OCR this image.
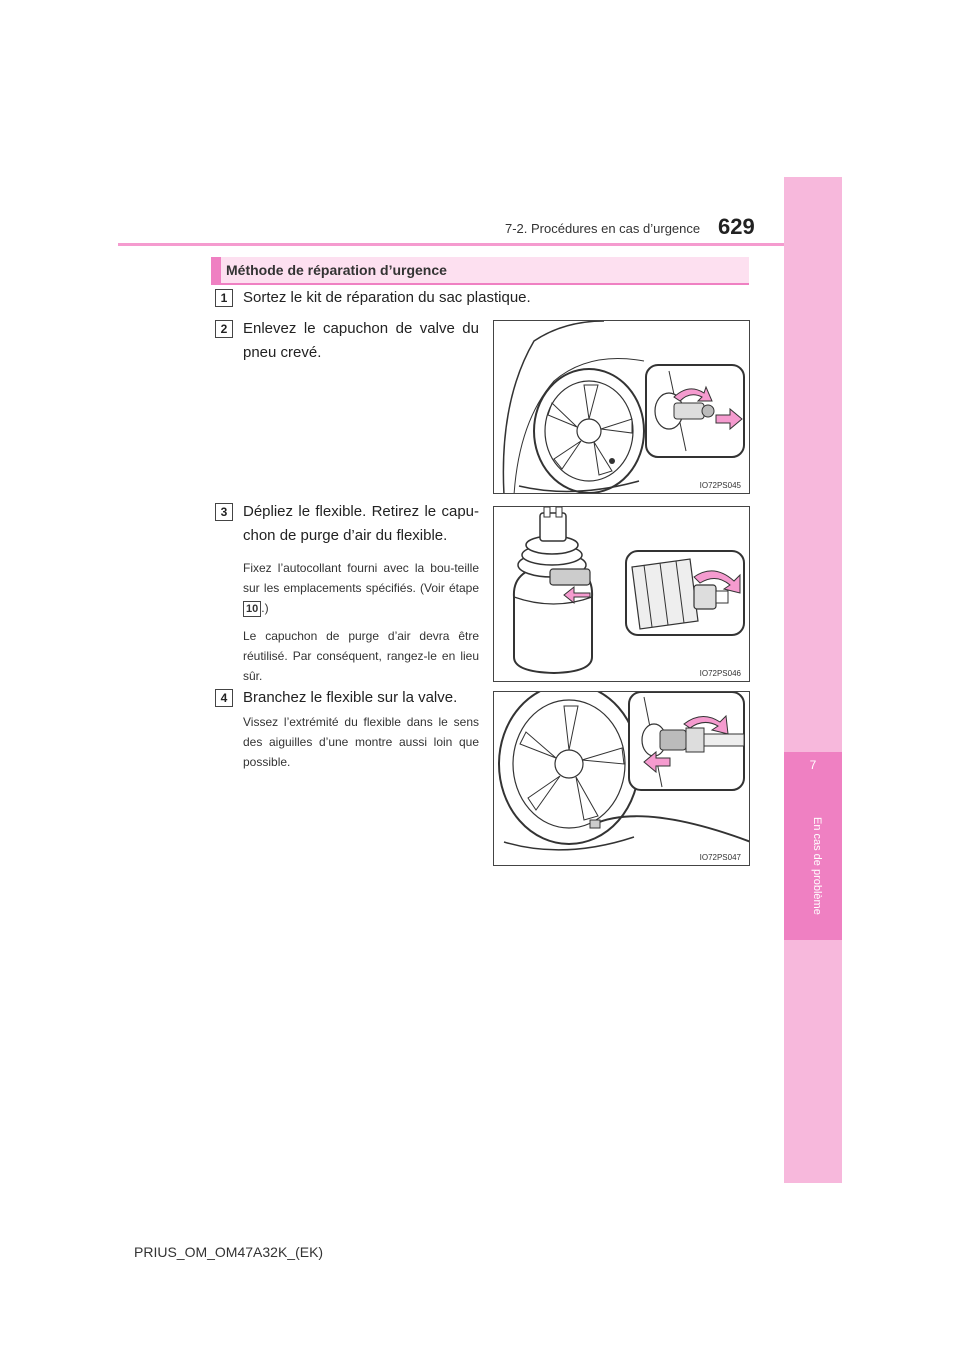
7-2. Procédures en cas d’urgence 629
7
En cas de problème
Méthode de réparation d’urgence
1	Sortez le kit de réparation du sac plastique.
2	Enlevez le capuchon de valve du pneu crevé.
IO72PS045
3	Dépliez le flexible. Retirez le capu-chon de purge d’air du flexible.
Fixez l’autocollant fourni avec la bou-teille sur les emplacements spécifiés. (Voir étape 10 .)
Le capuchon de purge d’air devra être réutilisé. Par conséquent, rangez-le en lieu sûr.	IO72PS046
4	Branchez le flexible sur la valve.
Vissez l’extrémité du flexible dans le sens des aiguilles d’une montre aussi loin que possible.
IO72PS047
PRIUS_OM_OM47A32K_(EK)
